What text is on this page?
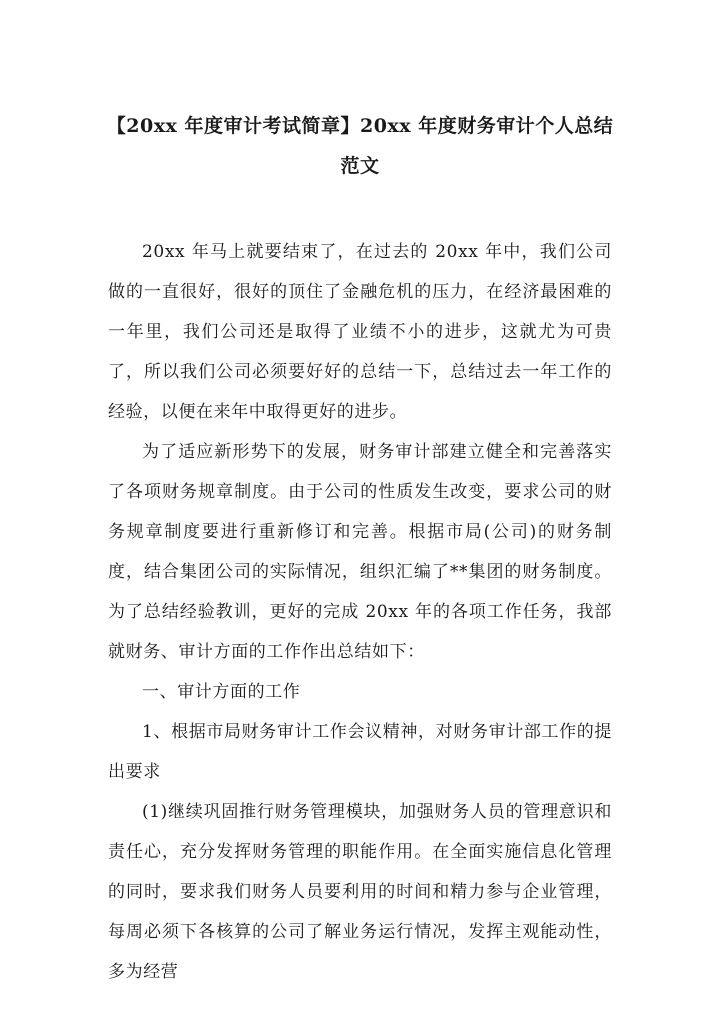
【20xx 年度审计考试简章】20xx 年度财务审计个人总结范文

20xx 年马上就要结束了，在过去的 20xx 年中，我们公司做的一直很好，很好的顶住了金融危机的压力，在经济最困难的一年里，我们公司还是取得了业绩不小的进步，这就尤为可贵了，所以我们公司必须要好好的总结一下，总结过去一年工作的经验，以便在来年中取得更好的进步。

为了适应新形势下的发展，财务审计部建立健全和完善落实了各项财务规章制度。由于公司的性质发生改变，要求公司的财务规章制度要进行重新修订和完善。根据市局(公司)的财务制度，结合集团公司的实际情况，组织汇编了**集团的财务制度。为了总结经验教训，更好的完成 20xx 年的各项工作任务，我部就财务、审计方面的工作作出总结如下：

一、审计方面的工作

1、根据市局财务审计工作会议精神，对财务审计部工作的提出要求

(1)继续巩固推行财务管理模块，加强财务人员的管理意识和责任心，充分发挥财务管理的职能作用。在全面实施信息化管理的同时，要求我们财务人员要利用的时间和精力参与企业管理，每周必须下各核算的公司了解业务运行情况，发挥主观能动性，多为经营
